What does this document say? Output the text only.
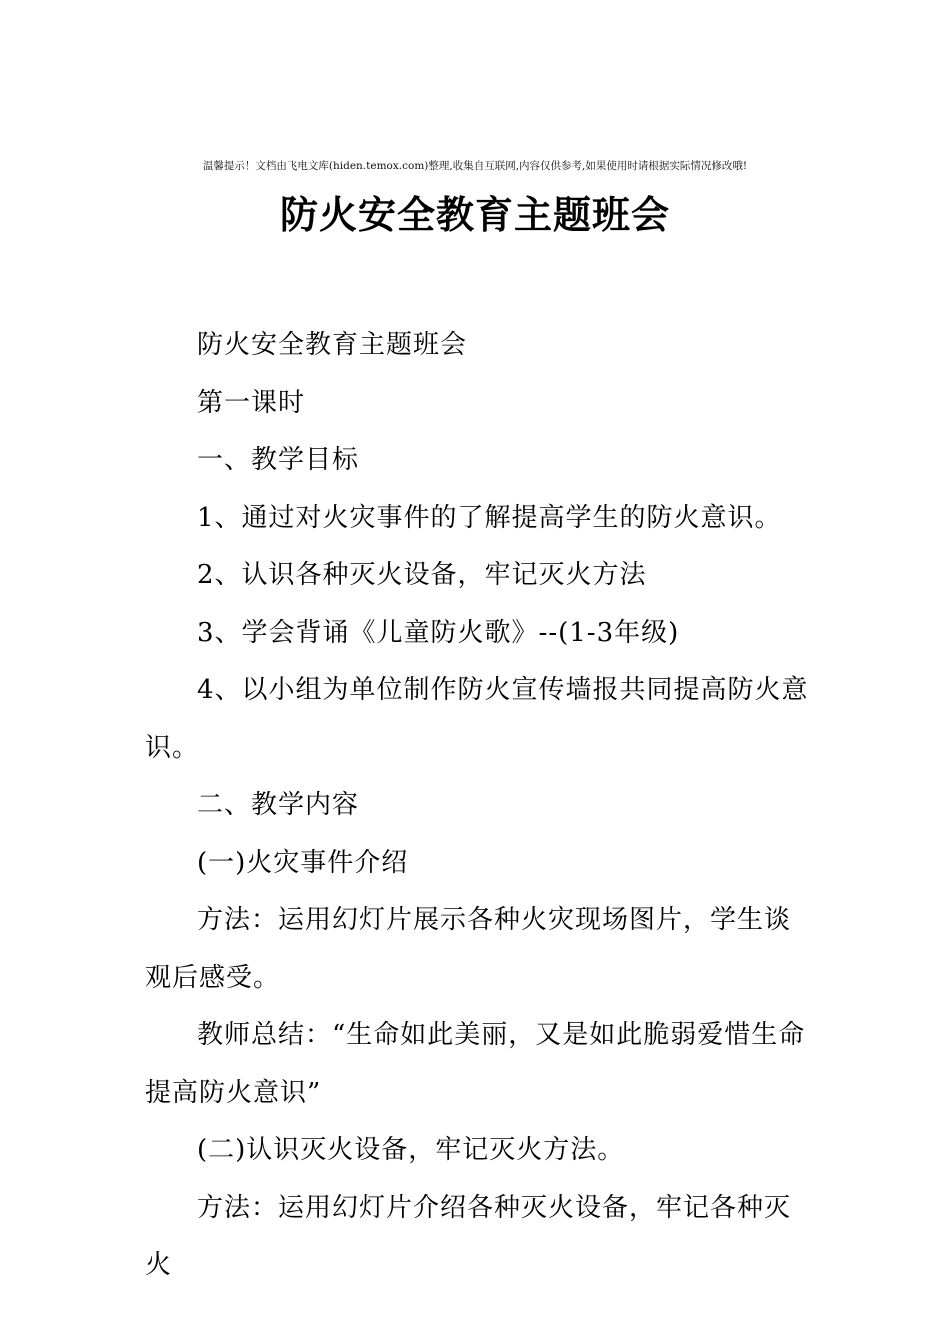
温馨提示！文档由飞电文库(hiden.temox.com)整理,收集自互联网,内容仅供参考,如果使用时请根据实际情况修改哦!
防火安全教育主题班会

防火安全教育主题班会

第一课时

一、教学目标

1、通过对火灾事件的了解提高学生的防火意识。

2、认识各种灭火设备，牢记灭火方法

3、学会背诵《儿童防火歌》--(1-3年级)

4、以小组为单位制作防火宣传墙报共同提高防火意识。

二、教学内容

(一)火灾事件介绍

方法：运用幻灯片展示各种火灾现场图片，学生谈观后感受。

教师总结：“生命如此美丽，又是如此脆弱爱惜生命提高防火意识”

(二)认识灭火设备，牢记灭火方法。

方法：运用幻灯片介绍各种灭火设备，牢记各种灭火
